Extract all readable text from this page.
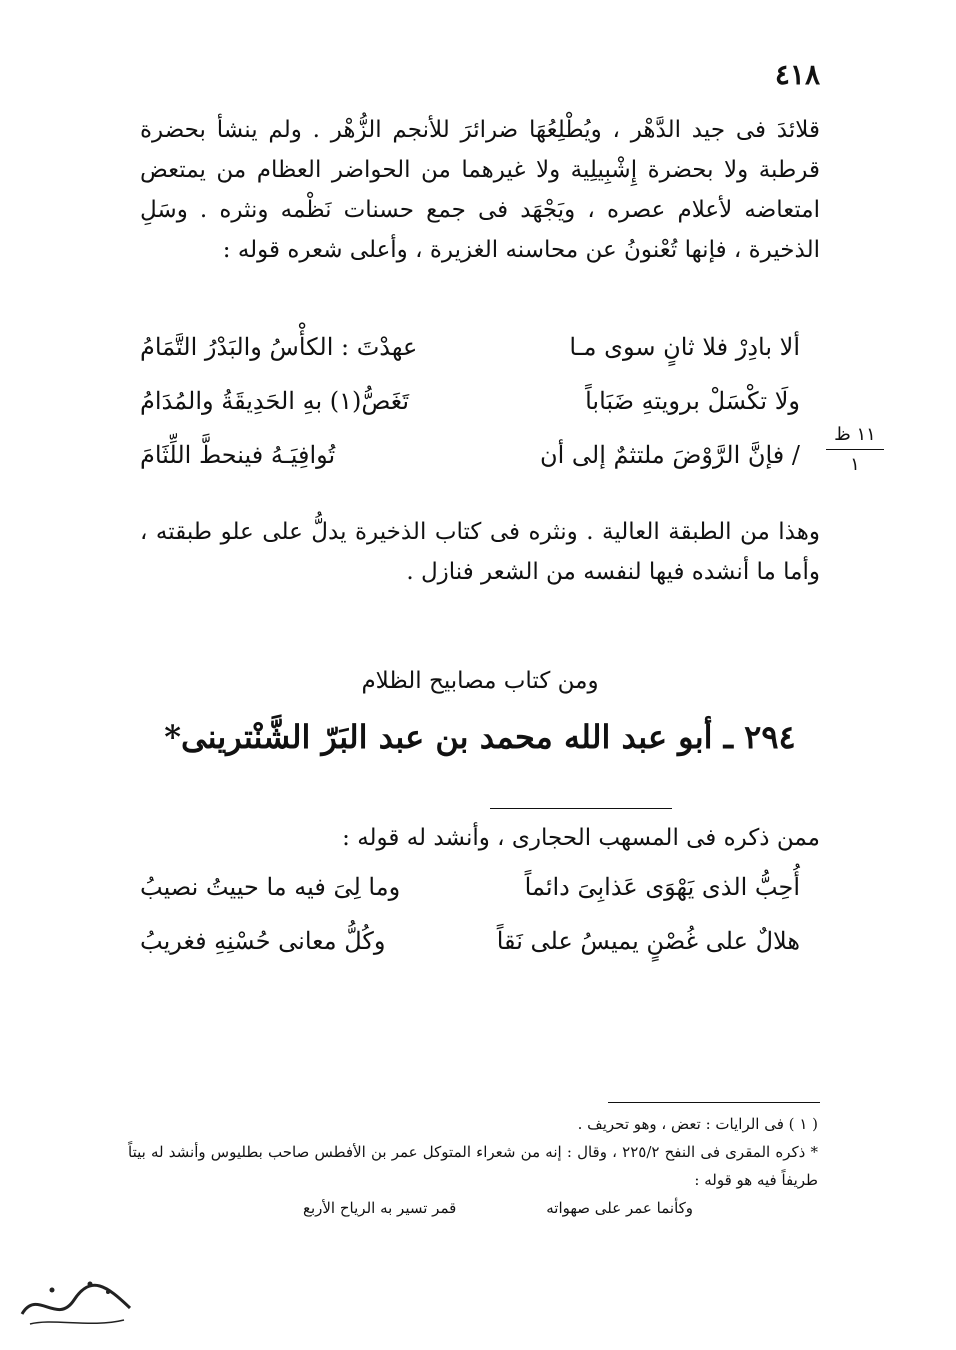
٤١٨
قلائدَ فى جيد الدَّهْر ، ويُطْلِعُهَا ضرائرَ للأنجم الزُّهْر . ولم ينشأ بحضرة قرطبة ولا بحضرة إِشْبِيلِية ولا غيرهما من الحواضر العظام من يمتعض امتعاضه لأعلام عصره ، ويَجْهَد فى جمع حسنات نَظْمه ونثره . وسَلِ الذخيرة ، فإنها تُعْنونُ عن محاسنه الغزيرة ، وأعلى شعره قوله :
ألا بادِرْ فلا ثانٍ سوى مـا
عهدْتَ : الكأْسُ والبَدْرُ التَّمَامُ
ولَا تكْسَلْ برويتهِ ضَبَاباً
تَغَصُّ(١) بهِ الحَدِيقَةُ والمُدَامُ
/ فإنَّ الرَّوْضَ ملتثمٌ إلى أن
تُوافِيَـهُ فينحطَّ اللِّثَامَ
١١ ظ
١
وهذا من الطبقة العالية . ونثره فى كتاب الذخيرة يدلُّ على علو طبقته ، وأما ما أنشده فيها لنفسه من الشعر فنازل .
ومن كتاب مصابيح الظلام
٢٩٤ ـ أبو عبد الله محمد بن عبد البَرّ الشَّنْترينى*
ممن ذكره فى المسهب الحجارى ، وأنشد له قوله :
أُحِبُّ الذى يَهْوَى عَذابِىَ دائماً
وما لِىَ فيه ما حييتُ نصيبُ
هلالٌ على غُصْنٍ يميسُ على نَقاً
وكُلُّ معانى حُسْنِهِ فغريبُ
( ١ ) فى الرايات : تعض ، وهو تحريف .
* ذكره المقرى فى النفح ٢٢٥/٢ ، وقال : إنه من شعراء المتوكل عمر بن الأفطس صاحب بطليوس وأنشد له بيتاً طريفاً فيه هو قوله :
وكأنما عمر على صهواته
قمر تسير به الرياح الأربع
